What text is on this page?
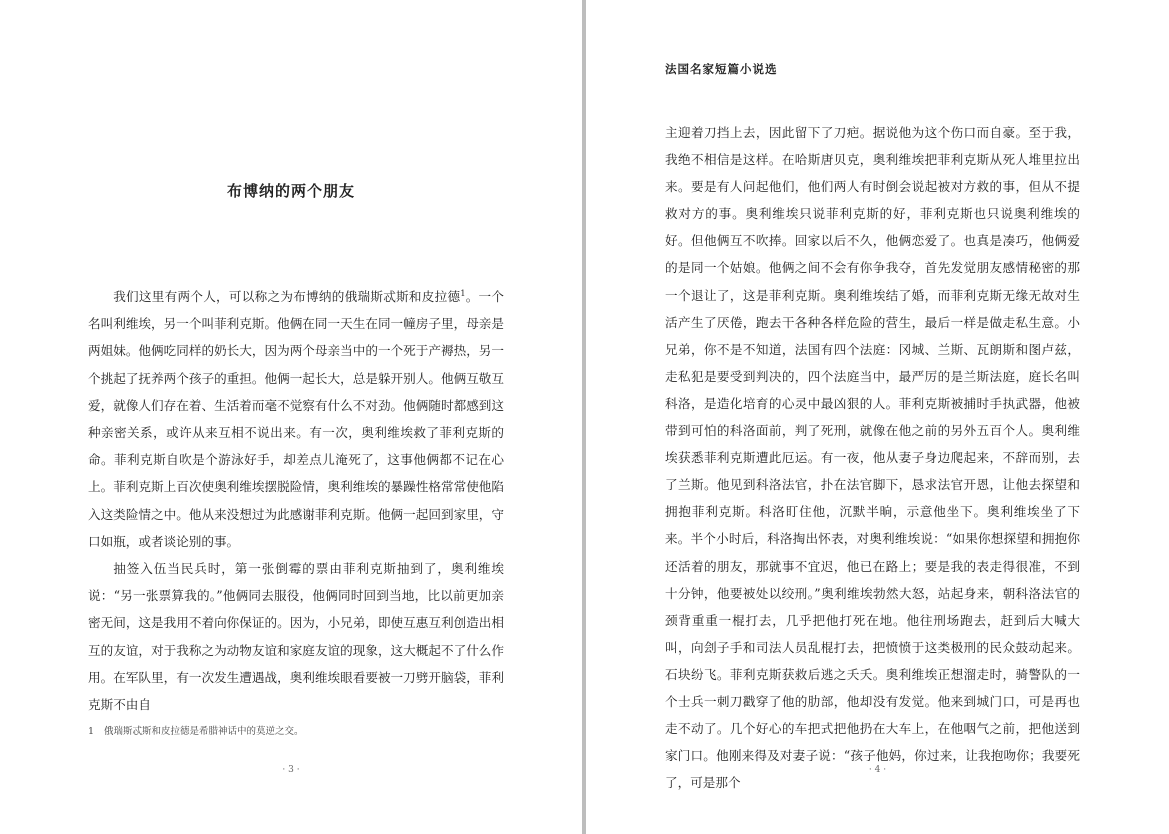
布博纳的两个朋友

我们这里有两个人，可以称之为布博纳的俄瑞斯忒斯和皮拉德$^1$。一个名叫利维埃，另一个叫菲利克斯。他俩在同一天生在同一幢房子里，母亲是两姐妹。他俩吃同样的奶长大，因为两个母亲当中的一个死于产褥热，另一个挑起了抚养两个孩子的重担。他俩一起长大，总是躲开别人。他俩互敬互爱，就像人们存在着、生活着而毫不觉察有什么不对劲。他俩随时都感到这种亲密关系，或许从来互相不说出来。有一次，奥利维埃救了菲利克斯的命。菲利克斯自吹是个游泳好手，却差点儿淹死了，这事他俩都不记在心上。菲利克斯上百次使奥利维埃摆脱险情，奥利维埃的暴躁性格常常使他陷入这类险情之中。他从来没想过为此感谢菲利克斯。他俩一起回到家里，守口如瓶，或者谈论别的事。

抽签入伍当民兵时，第一张倒霉的票由菲利克斯抽到了，奥利维埃说：“另一张票算我的。”他俩同去服役，他俩同时回到当地，比以前更加亲密无间，这是我用不着向你保证的。因为，小兄弟，即使互惠互利创造出相互的友谊，对于我称之为动物友谊和家庭友谊的现象，这大概起不了什么作用。在军队里，有一次发生遭遇战，奥利维埃眼看要被一刀劈开脑袋，菲利克斯不由自

1 俄瑞斯忒斯和皮拉德是希腊神话中的莫逆之交。
· 3 ·
法国名家短篇小说选

主迎着刀挡上去，因此留下了刀疤。据说他为这个伤口而自豪。至于我，我绝不相信是这样。在哈斯唐贝克，奥利维埃把菲利克斯从死人堆里拉出来。要是有人问起他们，他们两人有时倒会说起被对方救的事，但从不提救对方的事。奥利维埃只说菲利克斯的好，菲利克斯也只说奥利维埃的好。但他俩互不吹捧。回家以后不久，他俩恋爱了。也真是凑巧，他俩爱的是同一个姑娘。他俩之间不会有你争我夺，首先发觉朋友感情秘密的那一个退让了，这是菲利克斯。奥利维埃结了婚，而菲利克斯无缘无故对生活产生了厌倦，跑去干各种各样危险的营生，最后一样是做走私生意。小兄弟，你不是不知道，法国有四个法庭：冈城、兰斯、瓦朗斯和图卢兹，走私犯是要受到判决的，四个法庭当中，最严厉的是兰斯法庭，庭长名叫科洛，是造化培育的心灵中最凶狠的人。菲利克斯被捕时手执武器，他被带到可怕的科洛面前，判了死刑，就像在他之前的另外五百个人。奥利维埃获悉菲利克斯遭此厄运。有一夜，他从妻子身边爬起来，不辞而别，去了兰斯。他见到科洛法官，扑在法官脚下，恳求法官开恩，让他去探望和拥抱菲利克斯。科洛盯住他，沉默半晌，示意他坐下。奥利维埃坐了下来。半个小时后，科洛掏出怀表，对奥利维埃说：“如果你想探望和拥抱你还活着的朋友，那就事不宜迟，他已在路上；要是我的表走得很准，不到十分钟，他要被处以绞刑。”奥利维埃勃然大怒，站起身来，朝科洛法官的颈背重重一棍打去，几乎把他打死在地。他往刑场跑去，赶到后大喊大叫，向刽子手和司法人员乱棍打去，把愤愤于这类极刑的民众鼓动起来。石块纷飞。菲利克斯获救后逃之夭夭。奥利维埃正想溜走时，骑警队的一个士兵一刺刀戳穿了他的肋部，他却没有发觉。他来到城门口，可是再也走不动了。几个好心的车把式把他扔在大车上，在他咽气之前，把他送到家门口。他刚来得及对妻子说：“孩子他妈，你过来，让我抱吻你；我要死了，可是那个

· 4 ·
